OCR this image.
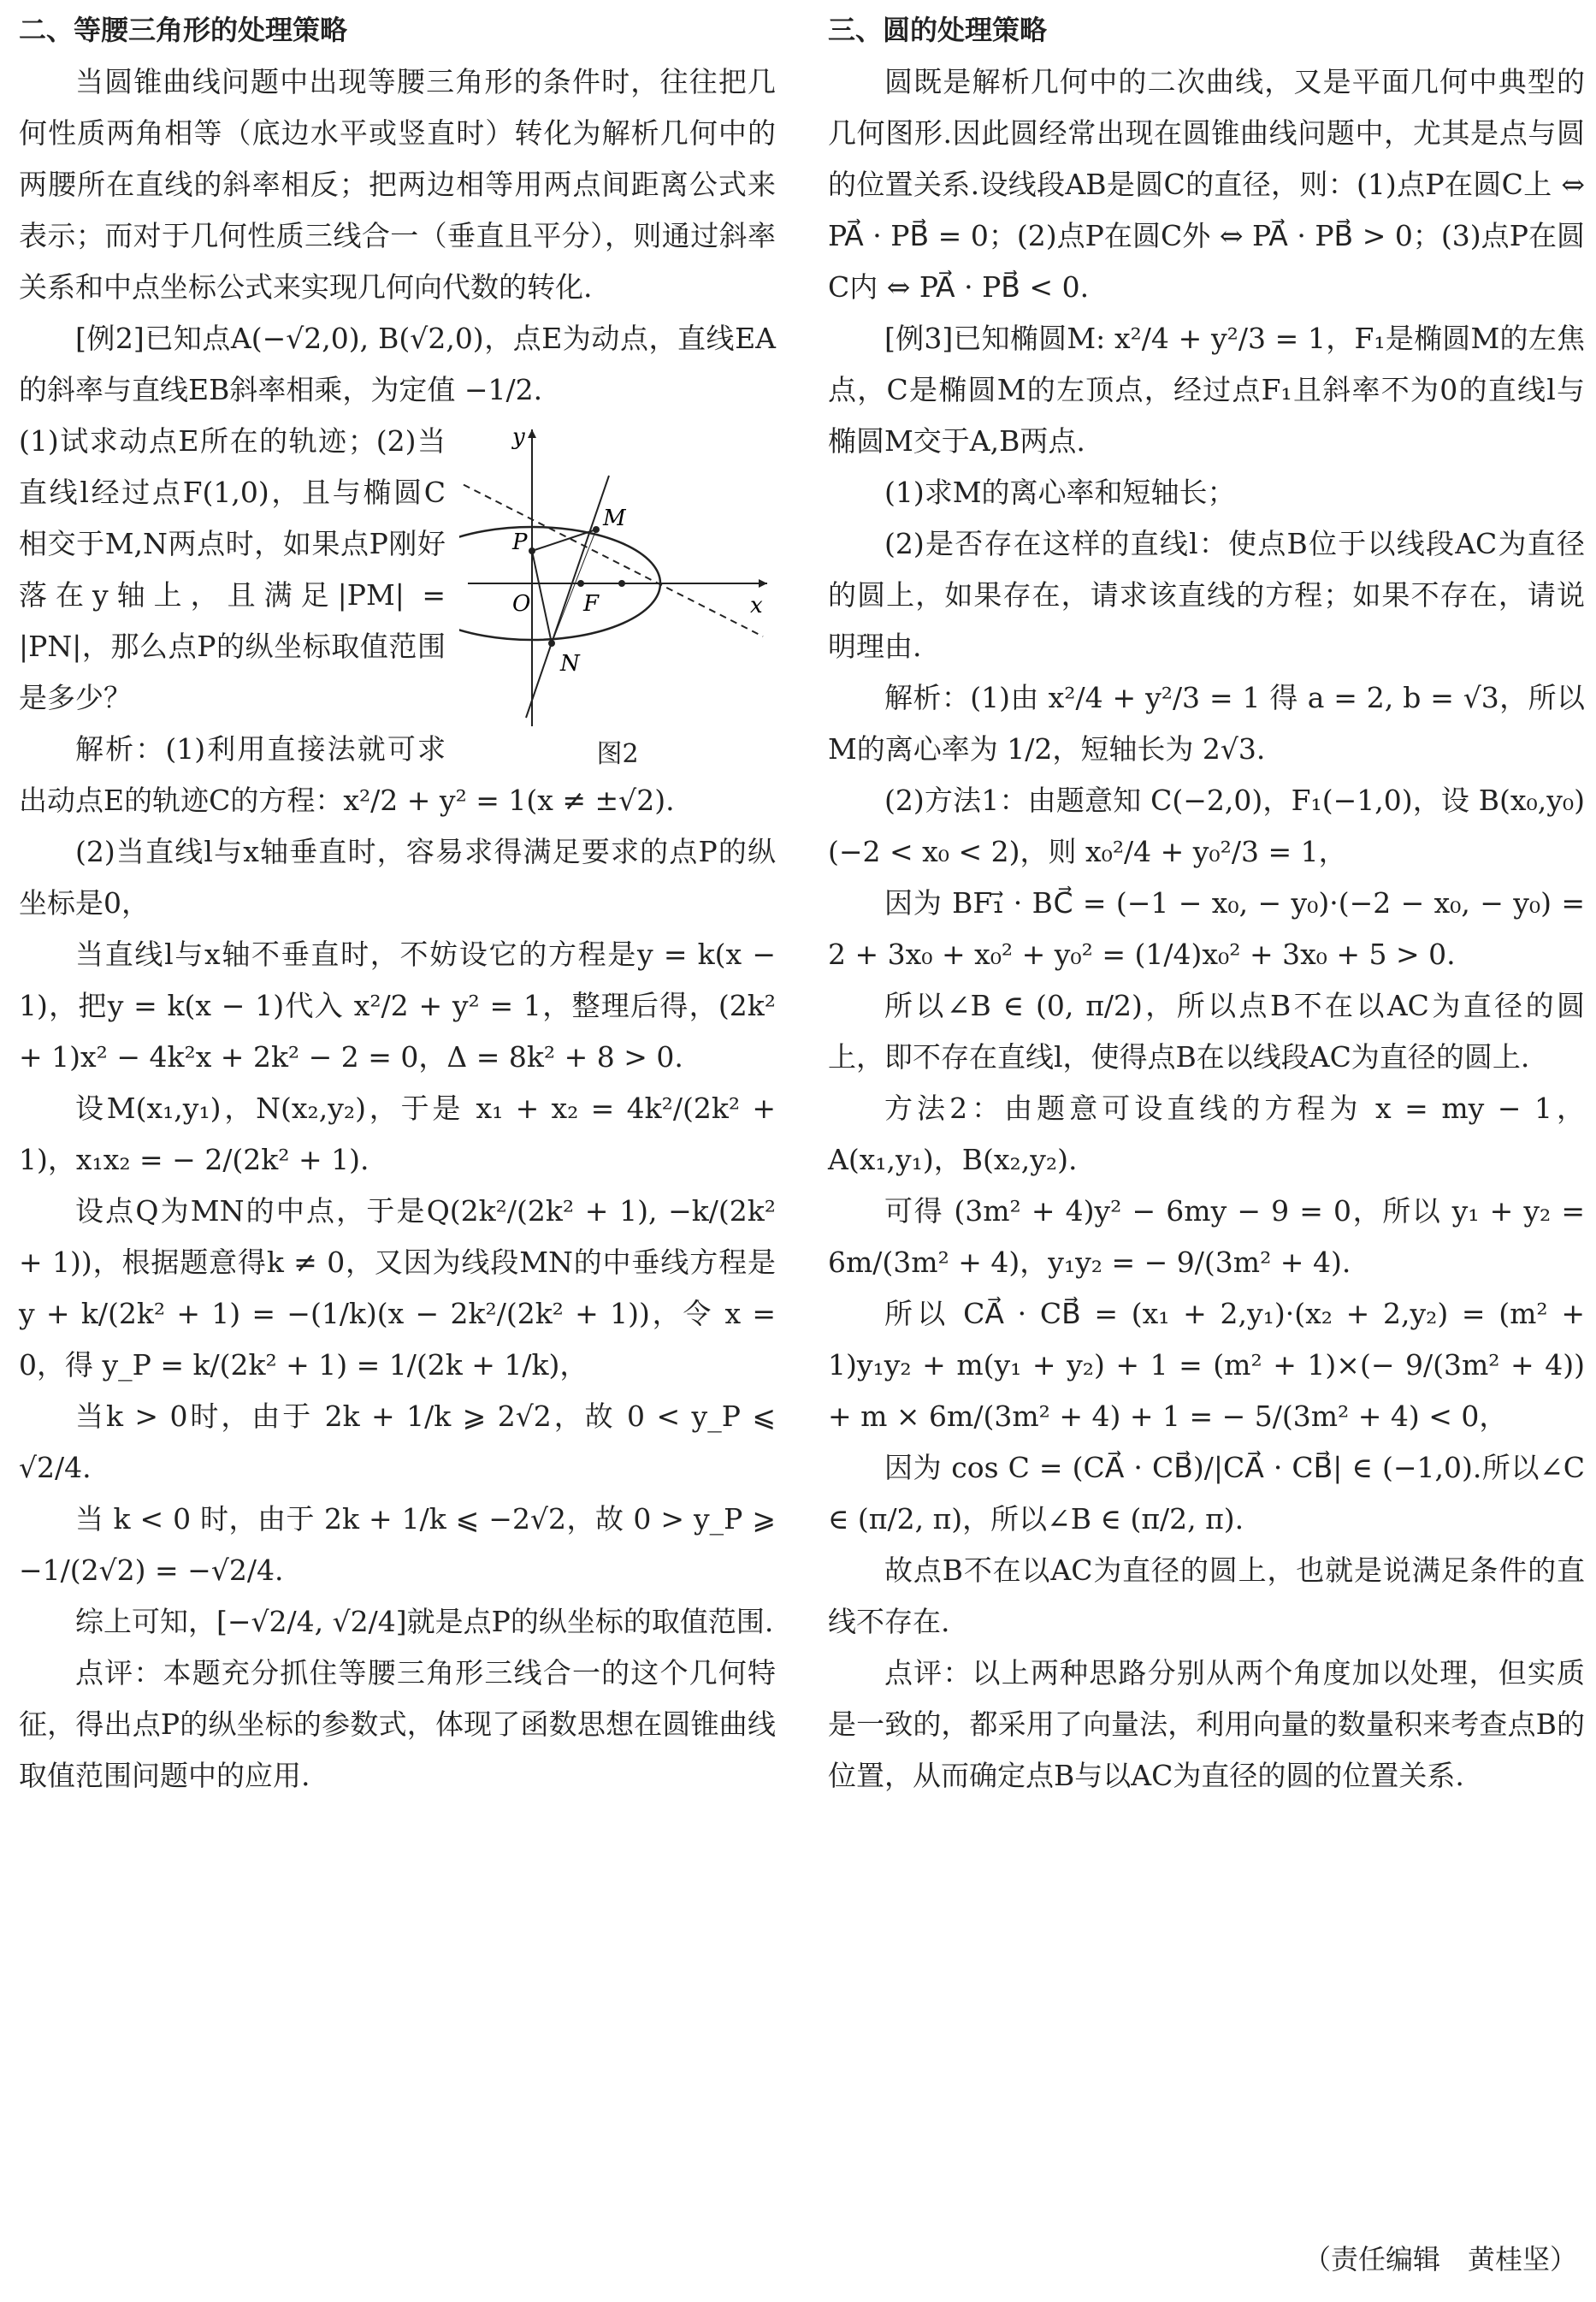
二、等腰三角形的处理策略

当圆锥曲线问题中出现等腰三角形的条件时，往往把几何性质两角相等（底边水平或竖直时）转化为解析几何中的两腰所在直线的斜率相反；把两边相等用两点间距离公式来表示；而对于几何性质三线合一（垂直且平分），则通过斜率关系和中点坐标公式来实现几何向代数的转化.

[例2]已知点A(−√2,0), B(√2,0)，点E为动点，直线EA的斜率与直线EB斜率相乘，为定值 −1/2.

y
x
O
P
F
M
N
图2

(1)试求动点E所在的轨迹；(2)当直线l经过点F(1,0)，且与椭圆C相交于M,N两点时，如果点P刚好落在y轴上，且满足|PM| = |PN|，那么点P的纵坐标取值范围是多少？

解析：(1)利用直接法就可求出动点E的轨迹C的方程：x²/2 + y² = 1(x ≠ ±√2).

(2)当直线l与x轴垂直时，容易求得满足要求的点P的纵坐标是0，

当直线l与x轴不垂直时，不妨设它的方程是y = k(x − 1)，把y = k(x − 1)代入 x²/2 + y² = 1，整理后得，(2k² + 1)x² − 4k²x + 2k² − 2 = 0，Δ = 8k² + 8 > 0.

设M(x₁,y₁)，N(x₂,y₂)，于是 x₁ + x₂ = 4k²/(2k² + 1)，x₁x₂ = − 2/(2k² + 1).

设点Q为MN的中点，于是Q(2k²/(2k² + 1), −k/(2k² + 1))，根据题意得k ≠ 0，又因为线段MN的中垂线方程是 y + k/(2k² + 1) = −(1/k)(x − 2k²/(2k² + 1))，令 x = 0，得 y_P = k/(2k² + 1) = 1/(2k + 1/k)，

当k > 0时，由于 2k + 1/k ⩾ 2√2，故 0 < y_P ⩽ √2/4.

当 k < 0 时，由于 2k + 1/k ⩽ −2√2，故 0 > y_P ⩾ −1/(2√2) = −√2/4.

综上可知，[−√2/4, √2/4]就是点P的纵坐标的取值范围.

点评：本题充分抓住等腰三角形三线合一的这个几何特征，得出点P的纵坐标的参数式，体现了函数思想在圆锥曲线取值范围问题中的应用.

三、圆的处理策略

圆既是解析几何中的二次曲线，又是平面几何中典型的几何图形.因此圆经常出现在圆锥曲线问题中，尤其是点与圆的位置关系.设线段AB是圆C的直径，则：(1)点P在圆C上 ⇔ PA⃗ · PB⃗ = 0；(2)点P在圆C外 ⇔ PA⃗ · PB⃗ > 0；(3)点P在圆C内 ⇔ PA⃗ · PB⃗ < 0.

[例3]已知椭圆M: x²/4 + y²/3 = 1，F₁是椭圆M的左焦点，C是椭圆M的左顶点，经过点F₁且斜率不为0的直线l与椭圆M交于A,B两点.

(1)求M的离心率和短轴长；

(2)是否存在这样的直线l：使点B位于以线段AC为直径的圆上，如果存在，请求该直线的方程；如果不存在，请说明理由.

解析：(1)由 x²/4 + y²/3 = 1 得 a = 2, b = √3，所以M的离心率为 1/2，短轴长为 2√3.

(2)方法1：由题意知 C(−2,0)，F₁(−1,0)，设 B(x₀,y₀)(−2 < x₀ < 2)，则 x₀²/4 + y₀²/3 = 1，

因为 BF₁⃗ · BC⃗ = (−1 − x₀, − y₀)·(−2 − x₀, − y₀) = 2 + 3x₀ + x₀² + y₀² = (1/4)x₀² + 3x₀ + 5 > 0.

所以∠B ∈ (0, π/2)，所以点B不在以AC为直径的圆上，即不存在直线l，使得点B在以线段AC为直径的圆上.

方法2：由题意可设直线的方程为 x = my − 1，A(x₁,y₁)，B(x₂,y₂).

可得 (3m² + 4)y² − 6my − 9 = 0，所以 y₁ + y₂ = 6m/(3m² + 4)，y₁y₂ = − 9/(3m² + 4).

所以 CA⃗ · CB⃗ = (x₁ + 2,y₁)·(x₂ + 2,y₂) = (m² + 1)y₁y₂ + m(y₁ + y₂) + 1 = (m² + 1)×(− 9/(3m² + 4)) + m × 6m/(3m² + 4) + 1 = − 5/(3m² + 4) < 0，

因为 cos C = (CA⃗ · CB⃗)/|CA⃗ · CB⃗| ∈ (−1,0).所以∠C ∈ (π/2, π)，所以∠B ∈ (π/2, π).

故点B不在以AC为直径的圆上，也就是说满足条件的直线不存在.

点评：以上两种思路分别从两个角度加以处理，但实质是一致的，都采用了向量法，利用向量的数量积来考查点B的位置，从而确定点B与以AC为直径的圆的位置关系.

（责任编辑　黄桂坚）
